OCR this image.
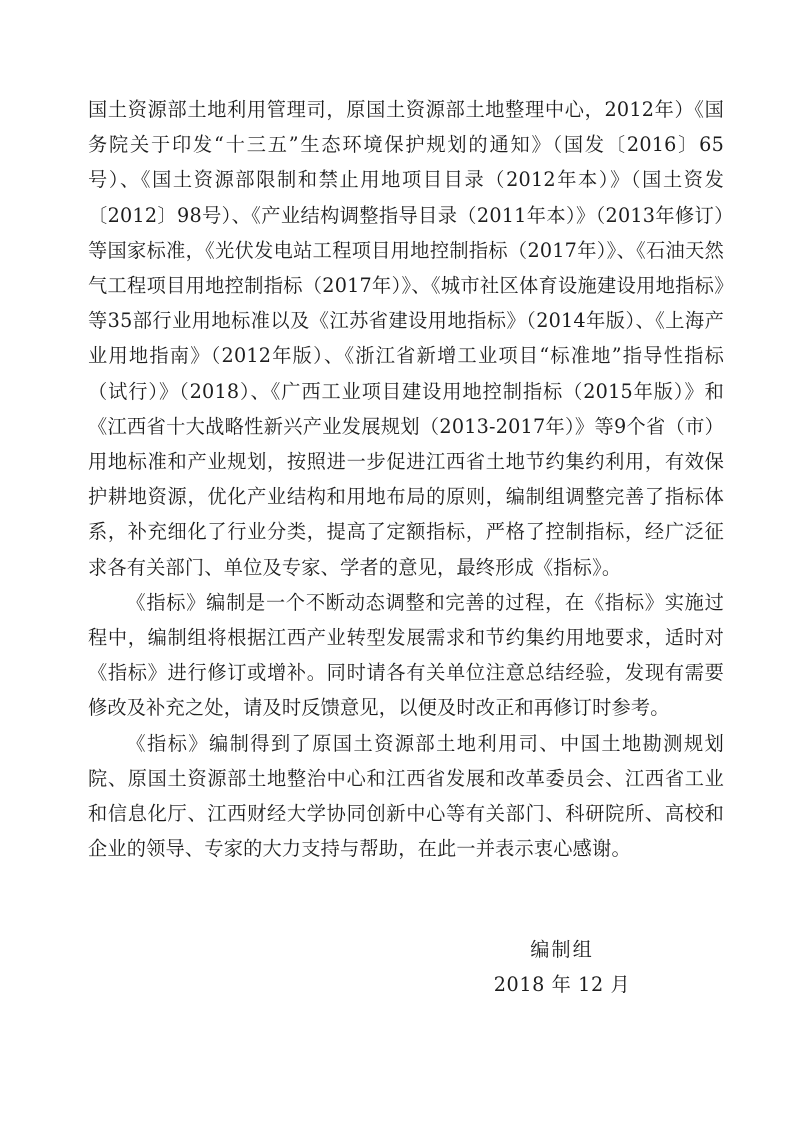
国土资源部土地利用管理司，原国土资源部土地整理中心，2012年）《国务院关于印发“十三五”生态环境保护规划的通知》（国发〔2016〕65号）、《国土资源部限制和禁止用地项目目录（2012年本）》（国土资发〔2012〕98号）、《产业结构调整指导目录（2011年本）》（2013年修订）等国家标准，《光伏发电站工程项目用地控制指标（2017年）》、《石油天然气工程项目用地控制指标（2017年）》、《城市社区体育设施建设用地指标》等35部行业用地标准以及《江苏省建设用地指标》（2014年版）、《上海产业用地指南》（2012年版）、《浙江省新增工业项目“标准地”指导性指标（试行）》（2018）、《广西工业项目建设用地控制指标（2015年版）》和《江西省十大战略性新兴产业发展规划（2013-2017年）》等9个省（市）用地标准和产业规划，按照进一步促进江西省土地节约集约利用，有效保护耕地资源，优化产业结构和用地布局的原则，编制组调整完善了指标体系，补充细化了行业分类，提高了定额指标，严格了控制指标，经广泛征求各有关部门、单位及专家、学者的意见，最终形成《指标》。

《指标》编制是一个不断动态调整和完善的过程，在《指标》实施过程中，编制组将根据江西产业转型发展需求和节约集约用地要求，适时对《指标》进行修订或增补。同时请各有关单位注意总结经验，发现有需要修改及补充之处，请及时反馈意见，以便及时改正和再修订时参考。

《指标》编制得到了原国土资源部土地利用司、中国土地勘测规划院、原国土资源部土地整治中心和江西省发展和改革委员会、江西省工业和信息化厅、江西财经大学协同创新中心等有关部门、科研院所、高校和企业的领导、专家的大力支持与帮助，在此一并表示衷心感谢。

编制组
2018 年 12 月
